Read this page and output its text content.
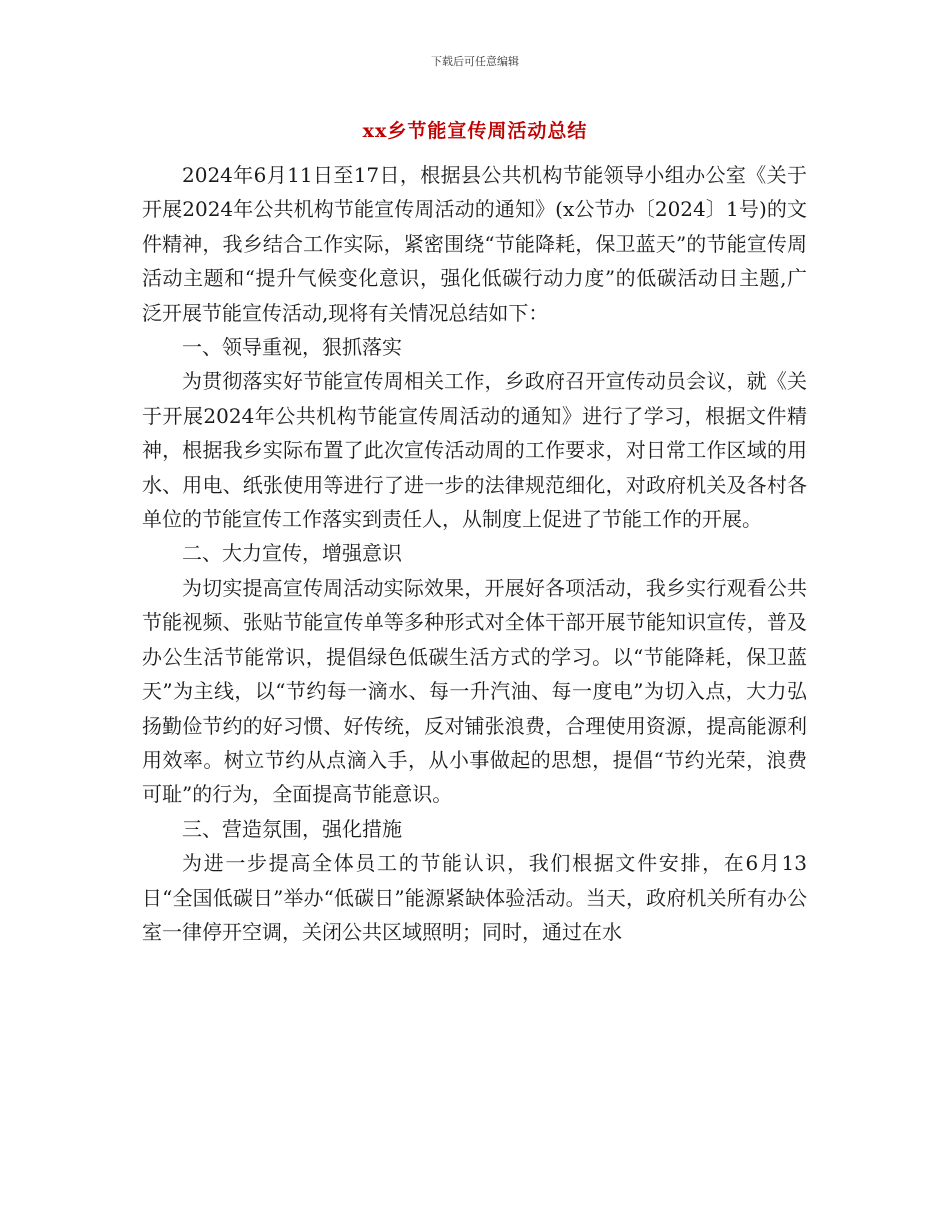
下载后可任意编辑
xx乡节能宣传周活动总结

2024年6月11日至17日，根据县公共机构节能领导小组办公室《关于开展2024年公共机构节能宣传周活动的通知》(x公节办〔2024〕1号)的文件精神，我乡结合工作实际，紧密围绕“节能降耗，保卫蓝天”的节能宣传周活动主题和“提升气候变化意识，强化低碳行动力度”的低碳活动日主题,广泛开展节能宣传活动,现将有关情况总结如下：

一、领导重视，狠抓落实

为贯彻落实好节能宣传周相关工作，乡政府召开宣传动员会议，就《关于开展2024年公共机构节能宣传周活动的通知》进行了学习，根据文件精神，根据我乡实际布置了此次宣传活动周的工作要求，对日常工作区域的用水、用电、纸张使用等进行了进一步的法律规范细化，对政府机关及各村各单位的节能宣传工作落实到责任人，从制度上促进了节能工作的开展。

二、大力宣传，增强意识

为切实提高宣传周活动实际效果，开展好各项活动，我乡实行观看公共节能视频、张贴节能宣传单等多种形式对全体干部开展节能知识宣传，普及办公生活节能常识，提倡绿色低碳生活方式的学习。以“节能降耗，保卫蓝天”为主线，以“节约每一滴水、每一升汽油、每一度电”为切入点，大力弘扬勤俭节约的好习惯、好传统，反对铺张浪费，合理使用资源，提高能源利用效率。树立节约从点滴入手，从小事做起的思想，提倡“节约光荣，浪费可耻”的行为，全面提高节能意识。

三、营造氛围，强化措施

为进一步提高全体员工的节能认识，我们根据文件安排，在6月13日“全国低碳日”举办“低碳日”能源紧缺体验活动。当天，政府机关所有办公室一律停开空调，关闭公共区域照明；同时，通过在水
